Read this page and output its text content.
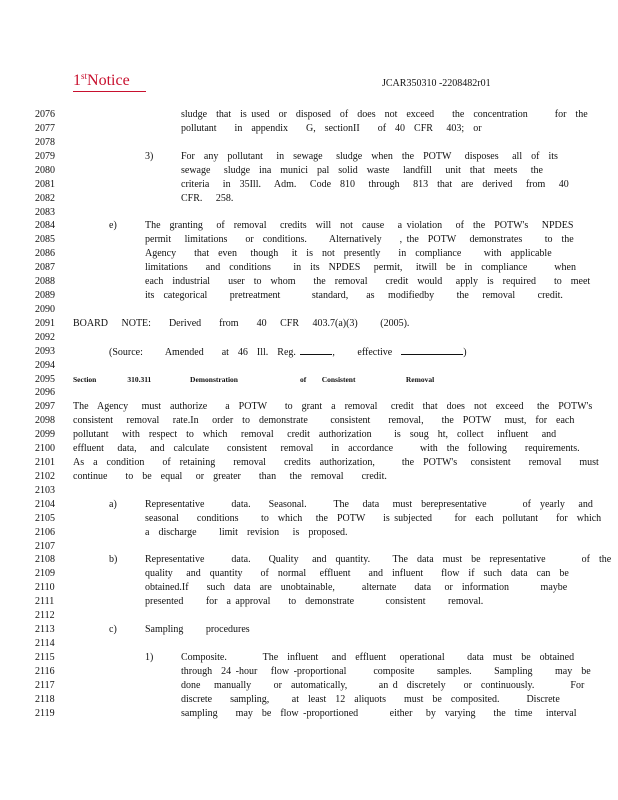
1stNotice	JCAR350310 -2208482r01
2076
2077
2078
2079
2080
2081
2082
2083
2084
2085
2086
2087
2088
2089
2090
2091
2092
2093
2094
2095
2096
2097
2098
2099
2100
2101
2102
2103
2104
2105
2106
2107
2108
2109
2110
2111
2112
2113
2114
2115
2116
2117
2118
2119
sludge  that  is used  or  disposed  of  does  not  exceed    the  concentration      for  the
pollutant    in  appendix    G,  sectionII    of  40  CFR   403;  or
3)	For  any  pollutant   in  sewage   sludge  when  the  POTW   disposes   all  of  its
sewage   sludge  ina  munici  pal  solid  waste   landfill   unit  that  meets   the
criteria   in  35Ill.   Adm.   Code  810   through   813  that  are  derived   from   40
CFR.   258.
e)	The  granting   of  removal   credits  will  not  cause   a violation   of  the  POTW's   NPDES
permit   limitations    or  conditions.     Alternatively    , the  POTW   demonstrates     to  the
Agency    that  even   though   it  is  not  presently    in  compliance     with  applicable
limitations    and  conditions     in  its  NPDES   permit,   itwill  be  in  compliance      when
each  industrial    user  to  whom    the  removal    credit  would   apply  is  required    to  meet
its  categorical     pretreatment       standard,    as   modifiedby     the   removal     credit.
BOARD   NOTE:    Derived    from    40   CFR   403.7(a)(3)     (2005).
(Source:     Amended    at  46  Ill.  Reg.	,     effective	)
Section        310.311          Demonstration                of    Consistent             Removal
The  Agency   must  authorize    a  POTW    to  grant  a  removal   credit  that  does  not  exceed   the  POTW's
consistent   removal   rate.In   order  to  demonstrate     consistent    removal,    the  POTW   must,  for  each
pollutant   with  respect  to  which   removal   credit  authorization     is  soug  ht,  collect   influent   and
effluent   data,   and  calculate    consistent   removal    in  accordance      with  the  following    requirements.
As  a  condition    of  retaining    removal    credits  authorization,      the  POTW's   consistent    removal    must
continue    to  be  equal   or  greater    than   the  removal    credit.
a)	Representative      data.    Seasonal.      The   data   must  berepresentative        of  yearly   and
seasonal    conditions     to  which   the  POTW    is subjected     for  each  pollutant    for  which
a  discharge     limit  revision   is  proposed.
b)	Representative      data.    Quality   and  quantity.     The  data  must  be  representative        of  the
quality   and  quantity    of  normal   effluent    and  influent    flow  if  such  data  can  be
obtained.If    such  data  are  unobtainable,      alternate    data   or  information       maybe
presented     for  a approval    to  demonstrate       consistent     removal.
c)	Sampling     procedures
1)	Composite.        The  influent   and  effluent   operational     data  must  be  obtained
through  24 -hour   flow -proportional      composite     samples.     Sampling     may  be
done   manually     or  automatically,       an d  discretely    or  continuously.        For
discrete    sampling,     at  least  12  aliquots    must  be  composited.      Discrete
sampling    may  be  flow -proportioned       either   by  varying    the  time   interval
